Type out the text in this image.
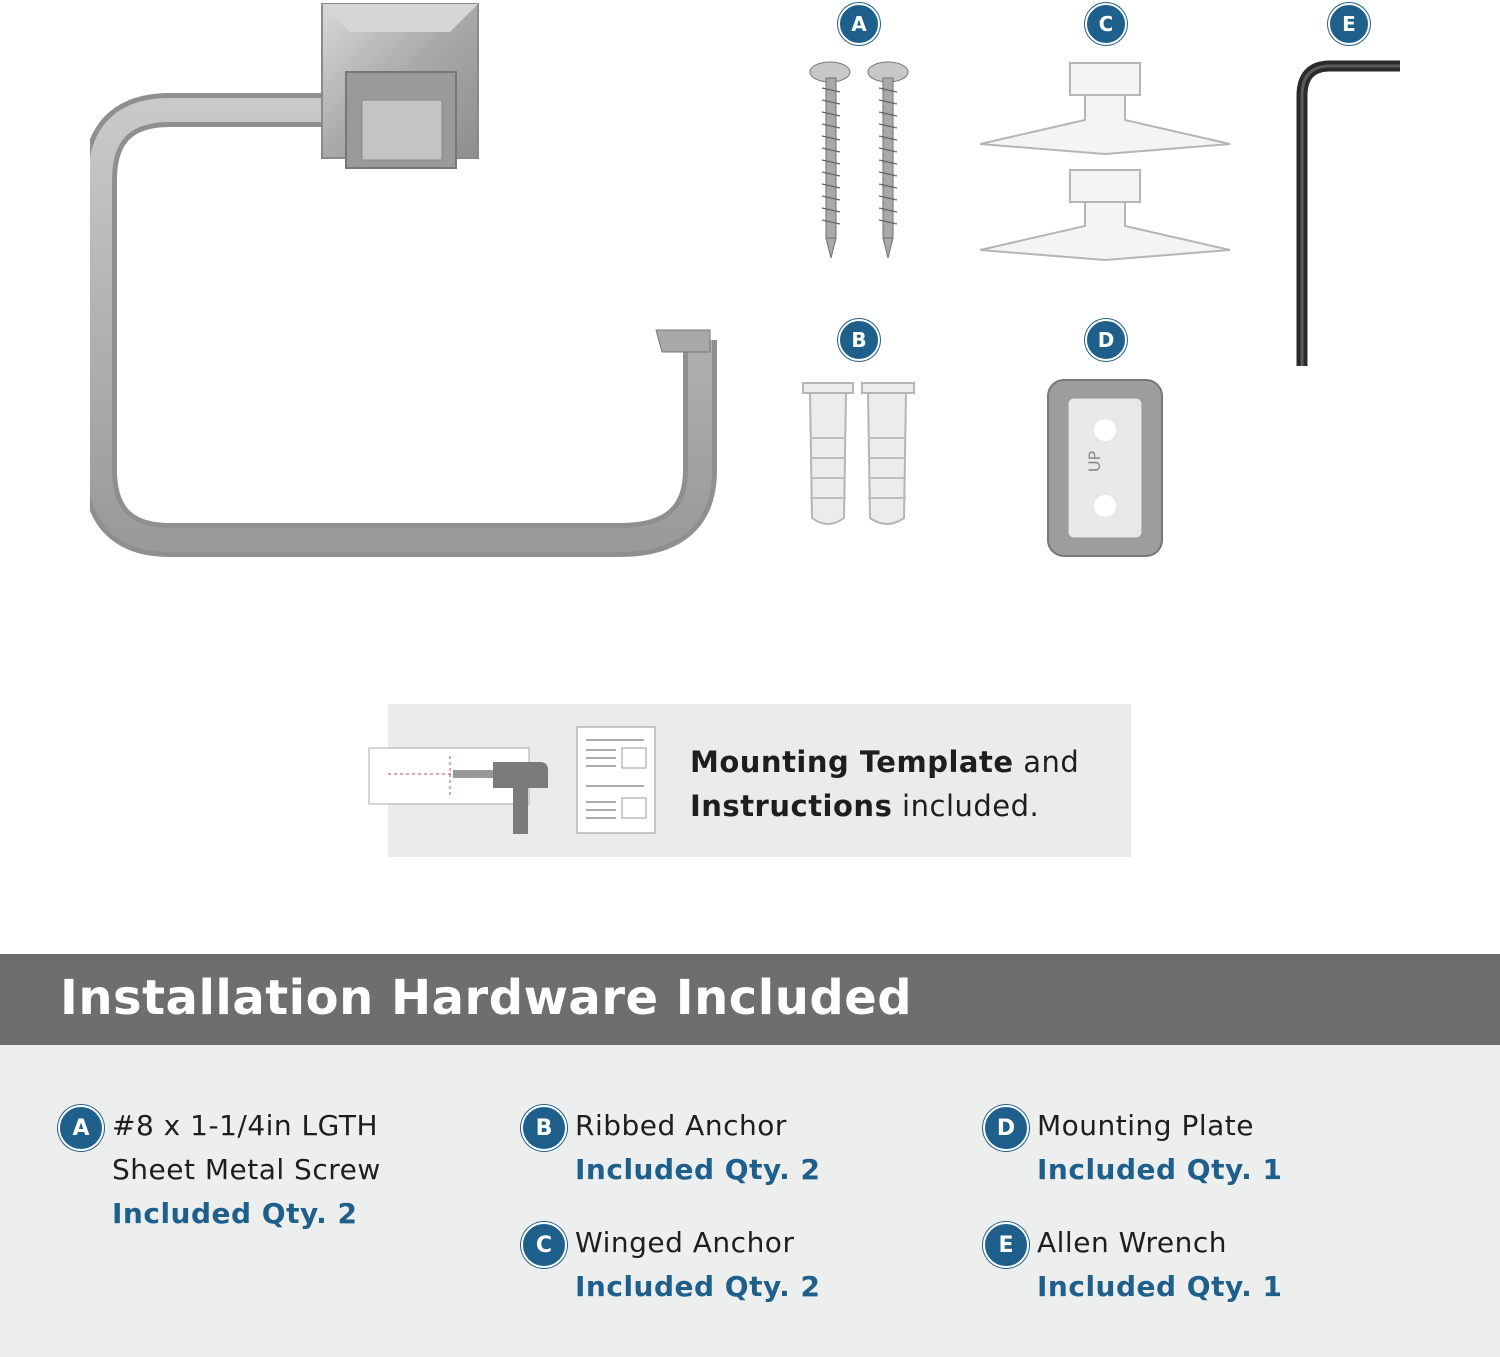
UP
A	C	E
B	D
Mounting Template and
Instructions included.
Installation Hardware Included
A #8 x 1-1/4in LGTH
Sheet Metal Screw
Included Qty. 2
B Ribbed Anchor
Included Qty. 2
C Winged Anchor
Included Qty. 2
D Mounting Plate
Included Qty. 1
E Allen Wrench
Included Qty. 1
